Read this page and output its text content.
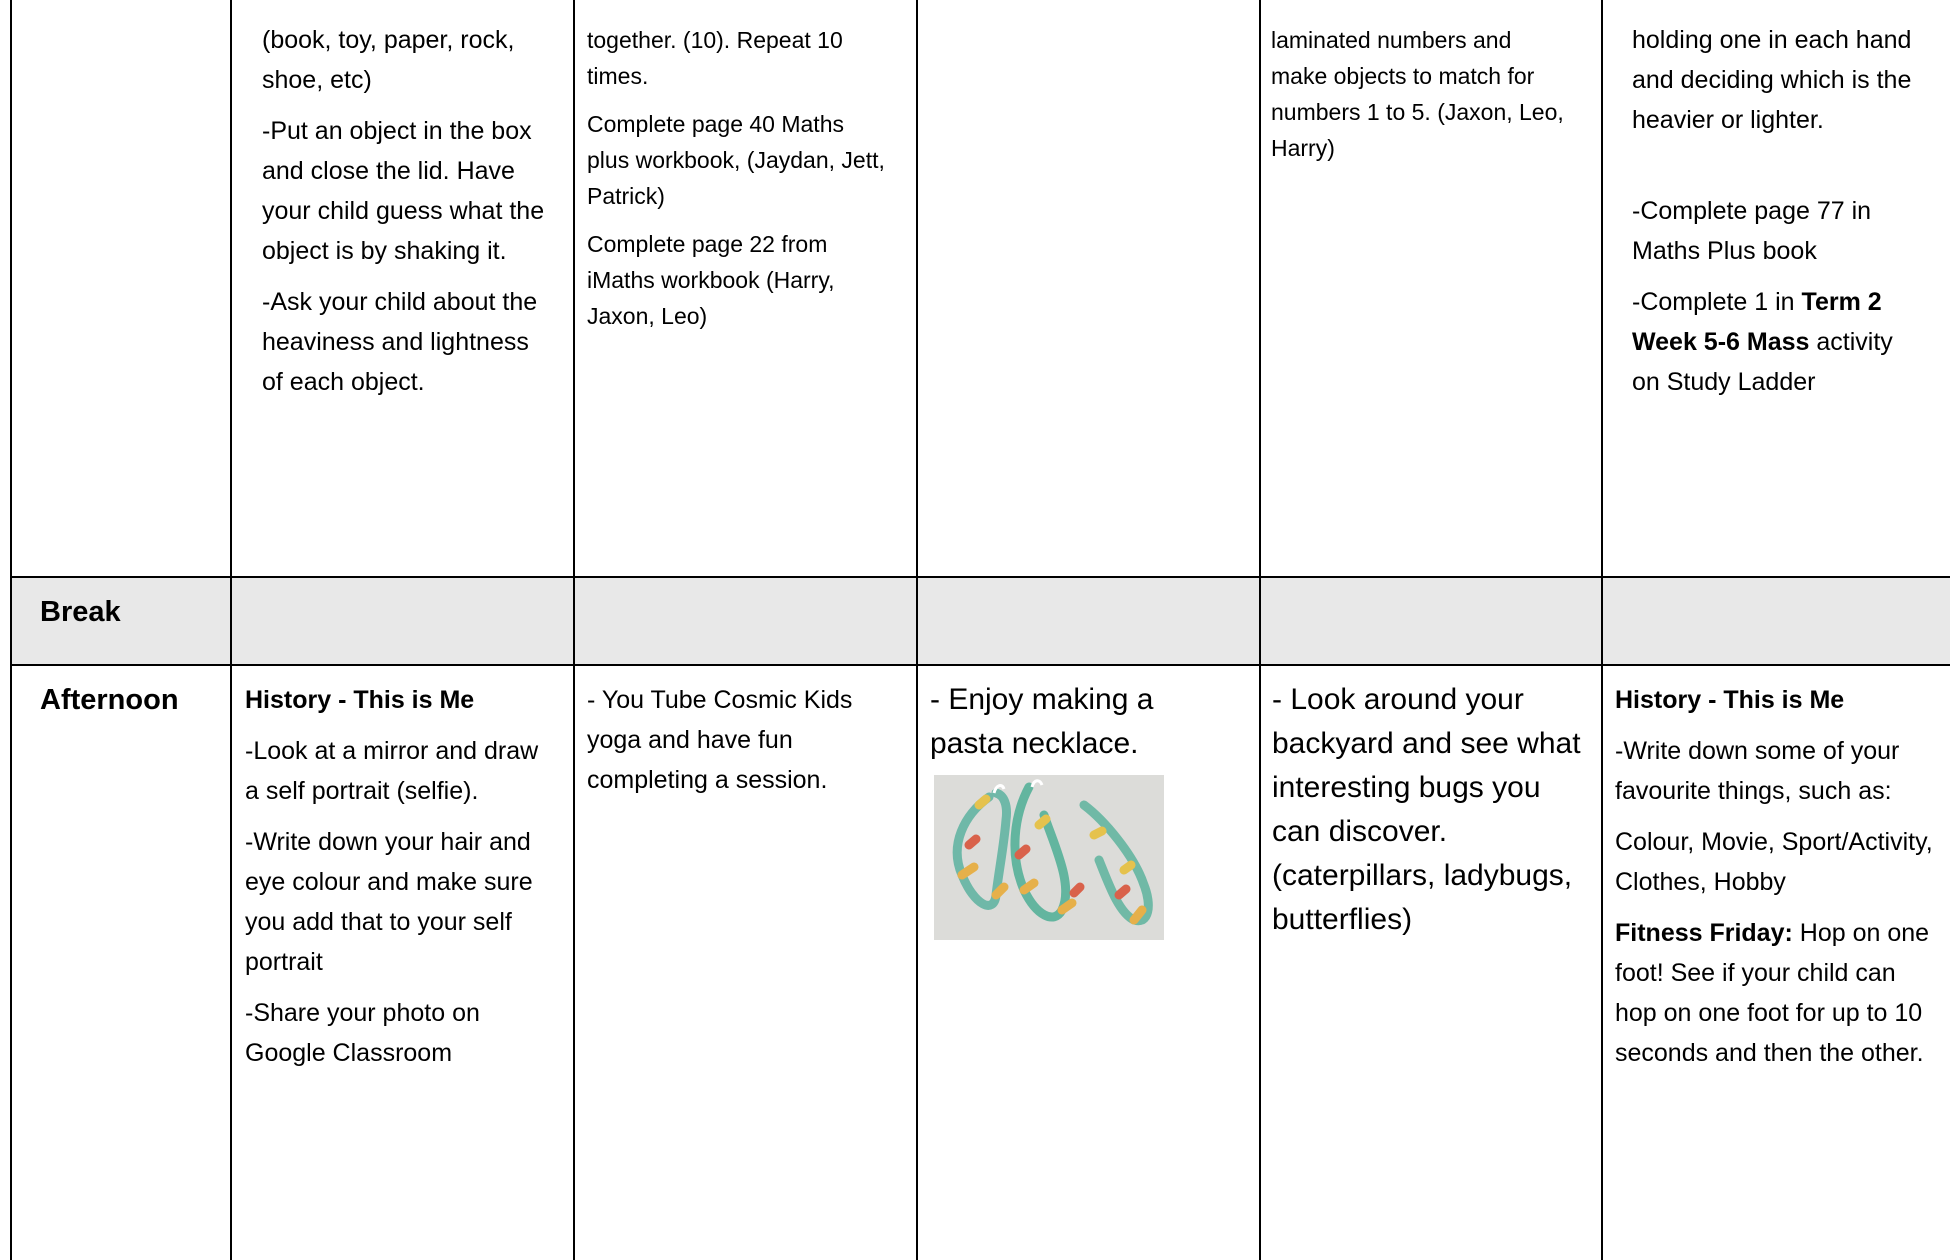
(book, toy, paper, rock, shoe, etc)

-Put an object in the box and close the lid. Have your child guess what the object is by shaking it.

-Ask your child about the heaviness and lightness of each object.

together. (10). Repeat 10 times.

Complete page 40 Maths plus workbook, (Jaydan, Jett, Patrick)

Complete page 22 from iMaths workbook (Harry, Jaxon, Leo)

laminated numbers and make objects to match for numbers 1 to 5. (Jaxon, Leo, Harry)

holding one in each hand and deciding which is the heavier or lighter.

-Complete page 77 in Maths Plus book

-Complete 1 in Term 2 Week 5-6 Mass activity on Study Ladder

Break
Afternoon	History - This is Me

-Look at a mirror and draw a self portrait (selfie).

-Write down your hair and eye colour and make sure you add that to your self portrait

-Share your photo on Google Classroom

- You Tube Cosmic Kids yoga and have fun completing a session.

- Enjoy making a pasta necklace.

- Look around your backyard and see what interesting bugs you can discover. (caterpillars, ladybugs, butterflies)

History - This is Me

-Write down some of your favourite things, such as:

Colour, Movie, Sport/Activity, Clothes, Hobby

Fitness Friday: Hop on one foot! See if your child can hop on one foot for up to 10 seconds and then the other.
